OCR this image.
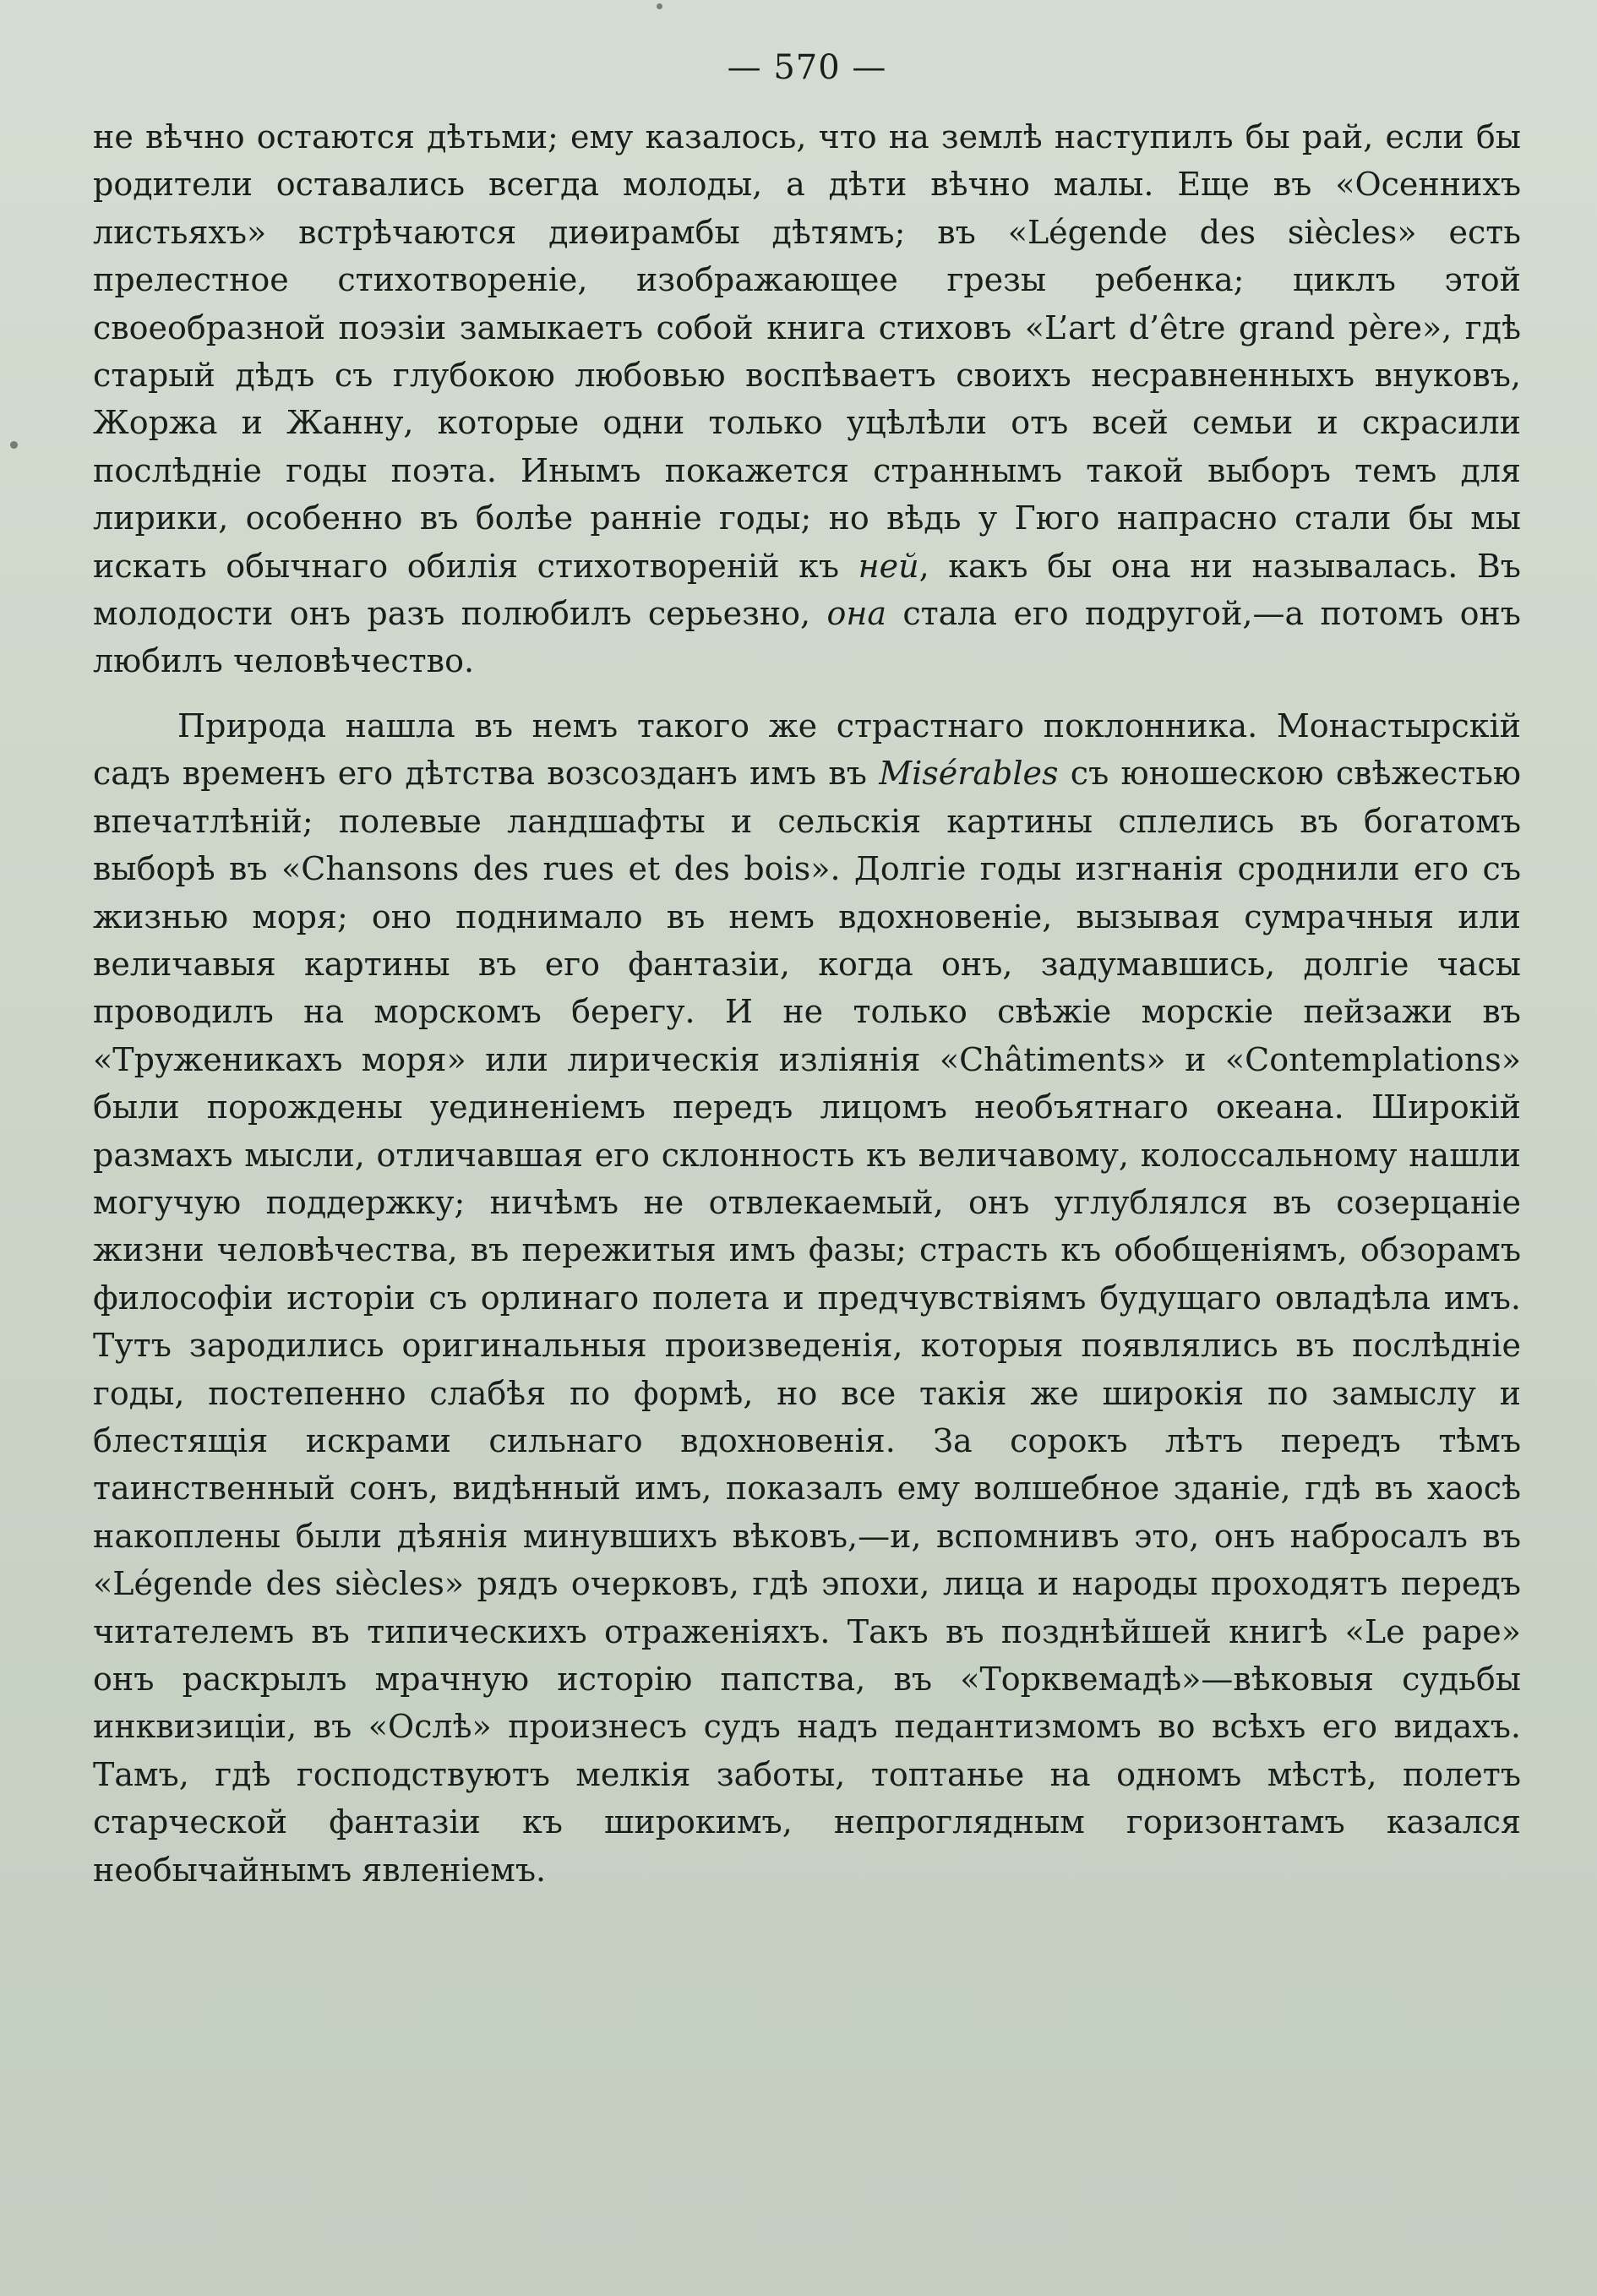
— 570 —

не вѣчно остаются дѣтьми; ему казалось, что на землѣ наступилъ бы рай, если бы родители оставались всегда молоды, а дѣти вѣчно малы. Еще въ «Осеннихъ листьяхъ» встрѣчаются диөирамбы дѣтямъ; въ «Légende des siècles» есть прелестное стихотвореніе, изображающее грезы ребенка; циклъ этой своеобразной поэзіи замыкаетъ собой книга стиховъ «L’art d’être grand père», гдѣ старый дѣдъ съ глубокою любовью воспѣваетъ своихъ несравненныхъ внуковъ, Жоржа и Жанну, которые одни только уцѣлѣли отъ всей семьи и скрасили послѣдніе годы поэта. Инымъ покажется страннымъ такой выборъ темъ для лирики, особенно въ болѣе ранніе годы; но вѣдь у Гюго напрасно стали бы мы искать обычнаго обилія стихотвореній къ ней, какъ бы она ни называлась. Въ молодости онъ разъ полюбилъ серьезно, она стала его подругой,—а потомъ онъ любилъ человѣчество.

Природа нашла въ немъ такого же страстнаго поклонника. Монастырскій садъ временъ его дѣтства возсозданъ имъ въ Misérables съ юношескою свѣжестью впечатлѣній; полевые ландшафты и сельскія картины сплелись въ богатомъ выборѣ въ «Chansons des rues et des bois». Долгіе годы изгнанія сроднили его съ жизнью моря; оно поднимало въ немъ вдохновеніе, вызывая сумрачныя или величавыя картины въ его фантазіи, когда онъ, задумавшись, долгіе часы проводилъ на морскомъ берегу. И не только свѣжіе морскіе пейзажи въ «Труженикахъ моря» или лирическія изліянія «Châtiments» и «Contemplations» были порождены уединеніемъ передъ лицомъ необъятнаго океана. Широкій размахъ мысли, отличавшая его склонность къ величавому, колоссальному нашли могучую поддержку; ничѣмъ не отвлекаемый, онъ углублялся въ созерцаніе жизни человѣчества, въ пережитыя имъ фазы; страсть къ обобщеніямъ, обзорамъ философіи исторіи съ орлинаго полета и предчувствіямъ будущаго овладѣла имъ. Тутъ зародились оригинальныя произведенія, которыя появлялись въ послѣдніе годы, постепенно слабѣя по формѣ, но все такія же широкія по замыслу и блестящія искрами сильнаго вдохновенія. За сорокъ лѣтъ передъ тѣмъ таинственный сонъ, видѣнный имъ, показалъ ему волшебное зданіе, гдѣ въ хаосѣ накоплены были дѣянія минувшихъ вѣковъ,—и, вспомнивъ это, онъ набросалъ въ «Légende des siècles» рядъ очерковъ, гдѣ эпохи, лица и народы проходятъ передъ читателемъ въ типическихъ отраженіяхъ. Такъ въ позднѣйшей книгѣ «Le pape» онъ раскрылъ мрачную исторію папства, въ «Торквемадѣ»—вѣковыя судьбы инквизиціи, въ «Ослѣ» произнесъ судъ надъ педантизмомъ во всѣхъ его видахъ. Тамъ, гдѣ господствуютъ мелкія заботы, топтанье на одномъ мѣстѣ, полетъ старческой фантазіи къ широкимъ, непроглядным горизонтамъ казался необычайнымъ явленіемъ.
